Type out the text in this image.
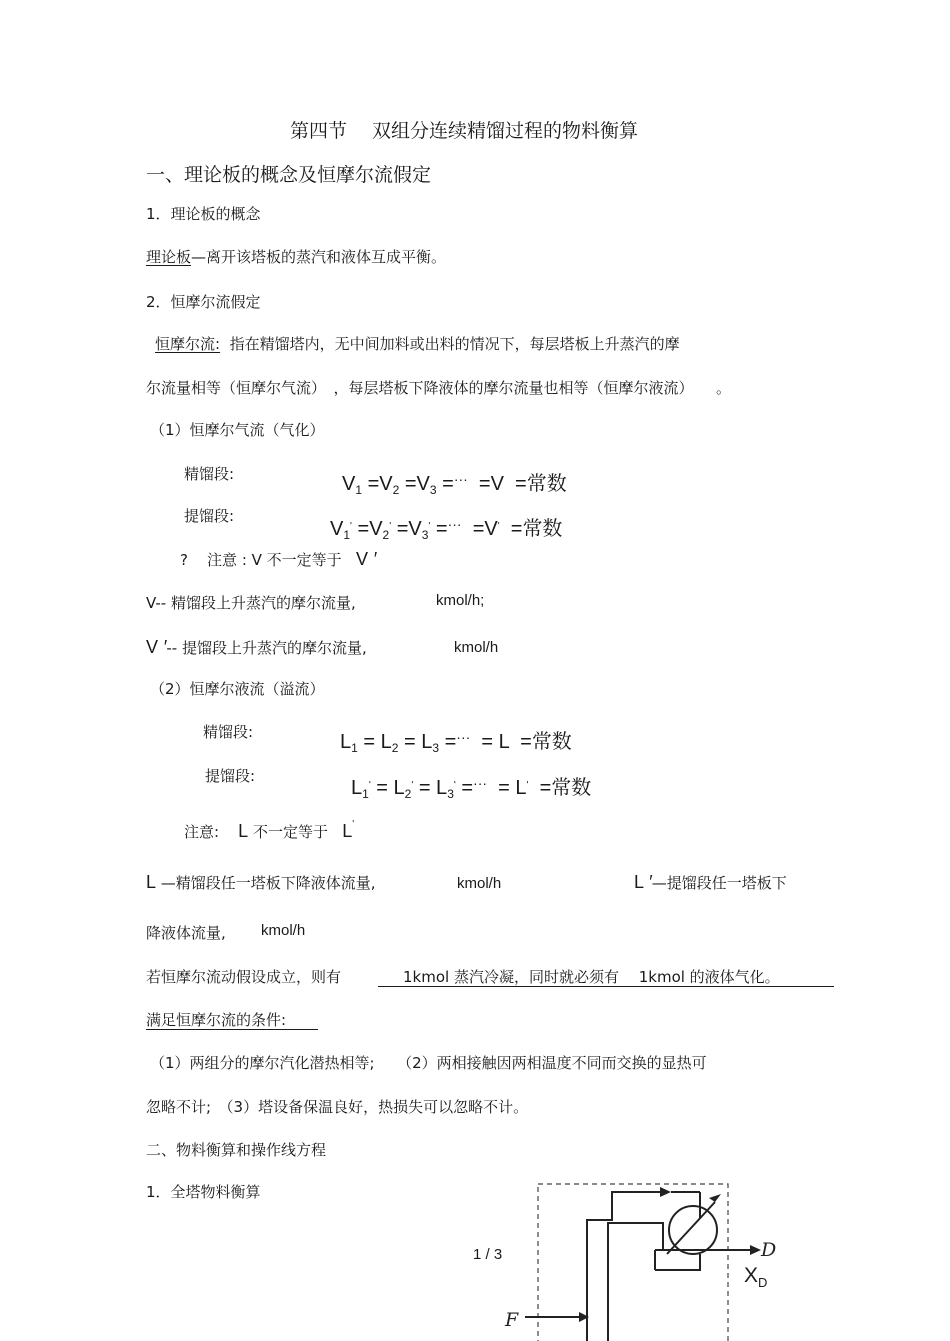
第四节　 双组分连续精馏过程的物料衡算
一、理论板的概念及恒摩尔流假定
1．理论板的概念
理论板—离开该塔板的蒸汽和液体互成平衡。
2．恒摩尔流假定
恒摩尔流: 指在精馏塔内，无中间加料或出料的情况下，每层塔板上升蒸汽的摩
尔流量相等（恒摩尔气流）　，每层塔板下降液体的摩尔流量也相等（恒摩尔液流）　　。
（1）恒摩尔气流（气化）
精馏段:	$V_1 =V_2 =V_3 =^{\cdot\cdot\cdot} =V$  =常数
提馏段:
$V_1' =V_2' =V_3' =^{\cdot\cdot\cdot} =V'$  =常数
? 注意 : V 不一定等于 V ′
V-- 精馏段上升蒸汽的摩尔流量,	kmol/h;
V ′-- 提馏段上升蒸汽的摩尔流量,	kmol/h
（2）恒摩尔液流（溢流）
精馏段:	$L_1 = L_2 = L_3 =^{\cdot\cdot\cdot} = L$  =常数
提馏段:
$L_1' = L_2' = L_3' =^{\cdot\cdot\cdot} = L'$  =常数
注意: L 不一定等于 L'
L —精馏段任一塔板下降液体流量,	kmol/h	L ′—提馏段任一塔板下
降液体流量, kmol/h
若恒摩尔流动假设成立，则有	1kmol 蒸汽冷凝，同时就必须有　 1kmol 的液体气化。
满足恒摩尔流的条件:
（1）两组分的摩尔汽化潜热相等;　　（2）两相接触因两相温度不同而交换的显热可
忽略不计;　（3）塔设备保温良好，热损失可以忽略不计。
二、物料衡算和操作线方程
1．全塔物料衡算
1 / 3	D
F
$X_D$
